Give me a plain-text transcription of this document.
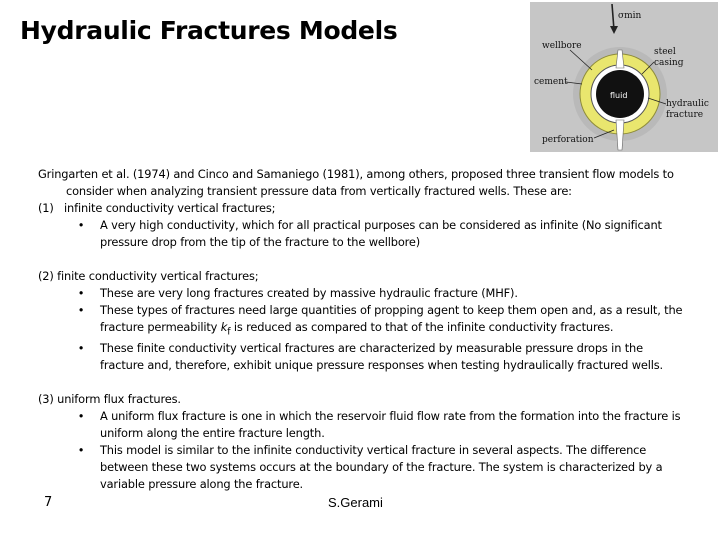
Hydraulic Fractures Models	σmin
fluid
wellbore
steel
casing
cement
hydraulic
fracture
perforation

Gringarten et al. (1974) and Cinco and Samaniego (1981), among others, proposed three transient flow models to

consider when analyzing transient pressure data from vertically fractured wells. These are:

(1) infinite conductivity vertical fractures;
•	A very high conductivity, which for all practical purposes can be considered as infinite (No significant
pressure drop from the tip of the fracture to the wellbore)

(2) finite conductivity vertical fractures;

•	These are very long fractures created by massive hydraulic fracture (MHF).
•	These types of fractures need large quantities of propping agent to keep them open and, as a result, the
fracture permeability $k_f$ is reduced as compared to that of the infinite conductivity fractures.
•	These finite conductivity vertical fractures are characterized by measurable pressure drops in the
fracture and, therefore, exhibit unique pressure responses when testing hydraulically fractured wells.

(3) uniform flux fractures.

•	A uniform flux fracture is one in which the reservoir fluid flow rate from the formation into the fracture is
uniform along the entire fracture length.
•	This model is similar to the infinite conductivity vertical fracture in several aspects. The difference
between these two systems occurs at the boundary of the fracture. The system is characterized by a
variable pressure along the fracture.
7	S.Gerami
